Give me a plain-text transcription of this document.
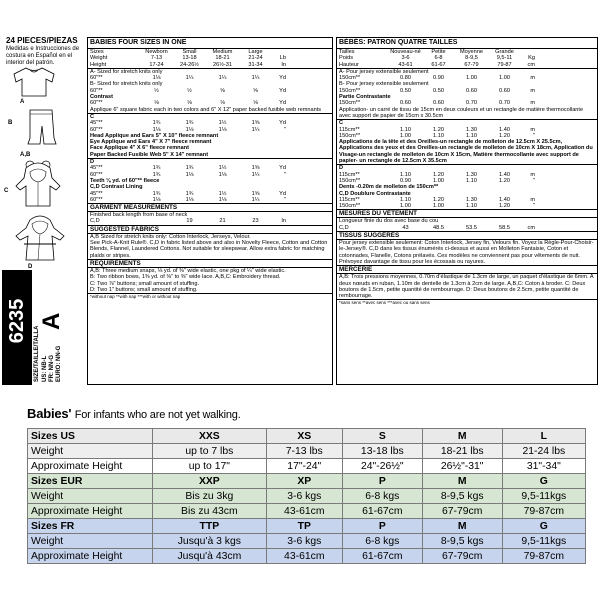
24 PIECES/PIEZAS
Medidas e Instrucciones de costura en Español en el interior del patrón.
A
B
A,B
C
D
6235
SIZE/TAILLE/TALLA US: NB-L FR: NN-G EURO: NN-G
A
BABIES FOUR SIZES IN ONE
Sizes	Newborn	Small	Medium	Large
Weight	7-13	13-18	18-21	21-24	Lb
Height	17-24	24-26½	26½-31	31-34	In
A- Sized for stretch knits only
60"**	1⅛	1¼	1¼	1¼	Yd
B- Sized for stretch knits only
60"**	½	½	⅝	⅝	Yd
Contrast
60"**	⅛	⅛	⅛	⅛	Yd
Applique 6" square fabric each in two colors and 6" X 12" paper backed fusible web remnants
C
45"**	1¾	1¾	1½	1⅝	Yd
60"**	1⅛	1⅛	1⅛	1¼	"
Head Applique and Ears 5" X 10" fleece remnant
Eye Applique and Ears 4" X 7" fleece remnant
Face Applique 4" X 6" fleece remnant
Paper Backed Fusible Web 5" X 14" remnant
D
45"**	1¾	1¾	1½	1⅝	Yd
60"**	1¾	1⅛	1⅛	1¼	"
Teeth ⅛ yd. of 60"** fleece
C,D Contrast Lining
45"**	1¾	1¾	1½	1⅝	Yd
60"**	1⅛	1⅛	1⅛	1¼	"
GARMENT MEASUREMENTS
Finished back length from base of neck
C,D	19	21	23	In
SUGGESTED FABRICS
A,B Sized for stretch knits only: Cotton Interlock, Jerseys, Velour.
See Pick-A-Knit Rule®. C,D in fabric listed above and also in Novelty Fleece, Cotton and Cotton Blends, Flannel, Laundered Cottons. Not suitable for sleepwear. Allow extra fabric for matching plaids or stripes.
REQUIREMENTS
A,B: Three medium snaps, ⅛ yd. of ⅜" wide elastic, one pkg of ¼" wide elastic.
B: Two ribbon bows, 1⅜ yd. of ⅜" to ⅜" wide lace. A,B,C: Embroidery thread.
C: Two ⅞" buttons; small amount of stuffing.
D: Two 1" buttons; small amount of stuffing.
*without nap **with nap ***with or without nap
BÉBÉS: PATRON QUATRE TAILLES
Tailles	Nouveau-né	Petite	Moyenne	Grande
Poids	3-6	6-8	8-9,5	9,5-11	Kg
Hauteur	43-61	61-67	67-79	79-87	cm
A- Pour jersey extensible seulement
150cm**	0.80	0.90	1.00	1.00	m
B- Pour jersey extensible seulement
150cm**	0.50	0.50	0.60	0.60	m
Partie Contrastante
150cm**	0.60	0.60	0.70	0.70	m
Application- un carré de tissu de 15cm en deux couleurs et un rectangle de matière thermocollante avec support de papier de 15cm x 30.5cm
C
115cm**	1.10	1.20	1.30	1.40	m
150cm**	1.00	1.10	1.10	1.20	"
Applications de la tête et des Oreilles-un rectangle de molleton de 12.5cm X 25.5cm, Applications des yeux et des Oreilles-un rectangle de molleton de 10cm X 18cm, Application du Visage-un rectangle de molleton de 10cm X 15cm, Matière thermocollante avec support de papier- un rectangle de 12.5cm X 35.5cm
D
115cm**	1.10	1.20	1.30	1.40	m
150cm**	0.90	1.00	1.10	1.20	"
Dents -0.20m de molleton de 150cm**
C,D Doublure Contrastante
115cm**	1.10	1.20	1.30	1.40	m
150cm**	1.00	1.00	1.10	1.20	"
MESURES DU VÊTEMENT
Longueur finie du dos avec base du cou
C,D	43	48.5	53.5	58.5	cm
TISSUS SUGGÉRÉS
Pour jersey extensible seulement: Coton Interlock, Jersey fin, Velours fin. Voyez la Règle-Pour-Choisir-le-Jersey®. C,D dans les tissus énumérés ci-dessus et aussi en Molleton Fantaisie, Coton et cotonnades, Flanelle, Cotons prélavés. Ces modèles ne conviennent pas pour vêtements de nuit. Prévoyez davantage de tissu pour les écossais ou rayures.
MERCERIE
A,B: Trois pressions moyennes, 0.70m d'élastique de 1.3cm de large, un paquet d'élastique de 6mm. A deux nœuds en ruban, 1.10m de dentelle de 1.3cm à 2cm de large. A,B,C: Coton à broder. C: Deux boutons de 1.5cm, petite quantité de rembourrage. D: Deux boutons de 2.5cm, petite quantité de rembourrage.
*sans sens **avec sens ***avec ou sans sens
Babies' For infants who are not yet walking.
Sizes US	XXS	XS	S	M	L
Weight	up to 7 lbs	7-13 lbs	13-18 lbs	18-21 lbs	21-24 lbs
Approximate Height	up to 17"	17"-24"	24"-26½"	26½"-31"	31"-34"
Sizes EUR	XXP	XP	P	M	G
Weight	Bis zu 3kg	3-6 kgs	6-8 kgs	8-9,5 kgs	9,5-11kgs
Approximate Height	Bis zu 43cm	43-61cm	61-67cm	67-79cm	79-87cm
Sizes FR	TTP	TP	P	M	G
Weight	Jusqu'à 3 kgs	3-6 kgs	6-8 kgs	8-9,5 kgs	9,5-11kgs
Approximate Height	Jusqu'à 43cm	43-61cm	61-67cm	67-79cm	79-87cm
